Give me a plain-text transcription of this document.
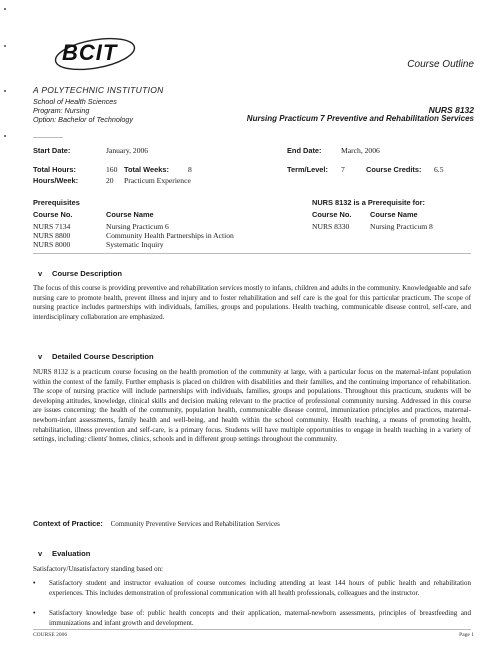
BCIT
A POLYTECHNIC INSTITUTION
Course Outline
School of Health Sciences
Program: Nursing
Option: Bachelor of Technology
NURS 8132
Nursing Practicum 7 Preventive and Rehabilitation Services
Start Date:	January, 2006	End Date:	March, 2006
Total Hours:	160 Total Weeks:	8	Term/Level: 7	Course Credits: 6.5
Hours/Week:	20 Practicum Experience
Prerequisites	NURS 8132 is a Prerequisite for:
Course No.	Course Name	Course No.	Course Name
NURS 7134	Nursing Practicum 6
NURS 8800	Community Health Partnerships in Action
NURS 8000	Systematic Inquiry
NURS 8330	Nursing Practicum 8
v Course Description
The focus of this course is providing preventive and rehabilitation services mostly to infants, children and adults in the community. Knowledgeable and safe nursing care to promote health, prevent illness and injury and to foster rehabilitation and self care is the goal for this particular practicum. The scope of nursing practice includes partnerships with individuals, families, groups and populations. Health teaching, communicable disease control, self-care, and interdisciplinary collaboration are emphasized.
v Detailed Course Description
NURS 8132 is a practicum course focusing on the health promotion of the community at large, with a particular focus on the maternal-infant population within the context of the family. Further emphasis is placed on children with disabilities and their families, and the continuing importance of rehabilitation. The scope of nursing practice will include partnerships with individuals, families, groups and populations. Throughout this practicum, students will be developing attitudes, knowledge, clinical skills and decision making relevant to the practice of professional community nursing. Addressed in this course are issues concerning: the health of the community, population health, communicable disease control, immunization principles and practices, maternal-newborn-infant assessments, family health and well-being, and health within the school community. Health teaching, a means of promoting health, rehabilitation, illness prevention and self-care, is a primary focus. Students will have multiple opportunities to engage in health teaching in a variety of settings, including: clients' homes, clinics, schools and in different group settings throughout the community.
Context of Practice: Community Preventive Services and Rehabilitation Services
v Evaluation
Satisfactory/Unsatisfactory standing based on:
• Satisfactory student and instructor evaluation of course outcomes including attending at least 144 hours of public health and rehabilitation experiences. This includes demonstration of professional communication with all health professionals, colleagues and the instructor.
• Satisfactory knowledge base of: public health concepts and their application, maternal-newborn assessments, principles of breastfeeding and immunizations and infant growth and development.
COURSE 2006	Page 1
